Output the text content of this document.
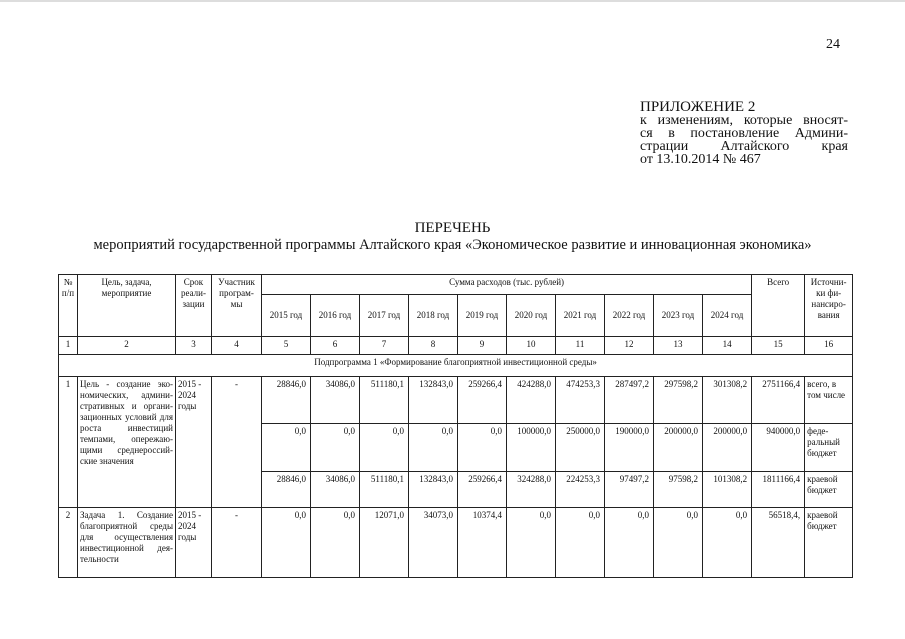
24
ПРИЛОЖЕНИЕ 2
к изменениям, которые вносят-
ся в постановление Админи-
страции Алтайского края
от 13.10.2014 № 467
ПЕРЕЧЕНЬ
мероприятий государственной программы Алтайского края «Экономическое развитие и инновационная экономика»
№ п/п	Цель, задача, мероприятие	Срок реали-зации	Участник програм-мы	Сумма расходов (тыс. рублей)										Всего	Источни-ки фи-нансиро-вания
				2015 год	2016 год	2017 год	2018 год	2019 год	2020 год	2021 год	2022 год	2023 год	2024 год		
1	2	3	4	5	6	7	8	9	10	11	12	13	14	15	16
Подпрограмма 1 «Формирование благоприятной инвестиционной среды»															
1	Цель - создание эко-номических, админи-стративных и органи-зационных условий для роста инвестиций темпами, опережаю-щими среднероссий-ские значения	2015 - 2024 годы	-	28846,0	34086,0	511180,1	132843,0	259266,4	424288,0	474253,3	287497,2	297598,2	301308,2	2751166,4	всего, в том числе
				0,0	0,0	0,0	0,0	0,0	100000,0	250000,0	190000,0	200000,0	200000,0	940000,0	феде-ральный бюджет
				28846,0	34086,0	511180,1	132843,0	259266,4	324288,0	224253,3	97497,2	97598,2	101308,2	1811166,4	краевой бюджет
2	Задача 1. Создание благоприятной среды для осуществления инвестиционной дея-тельности	2015 - 2024 годы	-	0,0	0,0	12071,0	34073,0	10374,4	0,0	0,0	0,0	0,0	0,0	56518,4,	краевой бюджет
